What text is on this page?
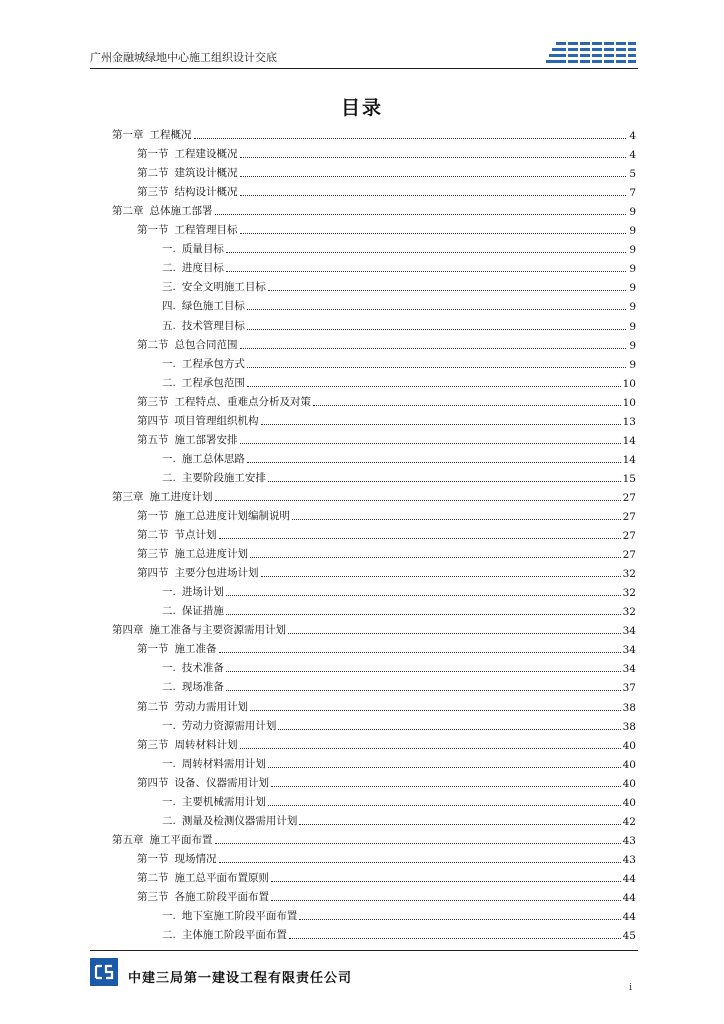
广州金融城绿地中心施工组织设计交底
目录
第一章 工程概况	4
第一节 工程建设概况	4
第二节 建筑设计概况	5
第三节 结构设计概况	7
第二章 总体施工部署	9
第一节 工程管理目标	9
一. 质量目标	9
二. 进度目标	9
三. 安全文明施工目标	9
四. 绿色施工目标	9
五. 技术管理目标	9
第二节 总包合同范围	9
一. 工程承包方式	9
二. 工程承包范围	10
第三节 工程特点、重难点分析及对策	10
第四节 项目管理组织机构	13
第五节 施工部署安排	14
一. 施工总体思路	14
二. 主要阶段施工安排	15
第三章 施工进度计划	27
第一节 施工总进度计划编制说明	27
第二节 节点计划	27
第三节 施工总进度计划	27
第四节 主要分包进场计划	32
一. 进场计划	32
二. 保证措施	32
第四章 施工准备与主要资源需用计划	34
第一节 施工准备	34
一. 技术准备	34
二. 现场准备	37
第二节 劳动力需用计划	38
一. 劳动力资源需用计划	38
第三节 周转材料计划	40
一. 周转材料需用计划	40
第四节 设备、仪器需用计划	40
一. 主要机械需用计划	40
二. 测量及检测仪器需用计划	42
第五章 施工平面布置	43
第一节 现场情况	43
第二节 施工总平面布置原则	44
第三节 各施工阶段平面布置	44
一. 地下室施工阶段平面布置	44
二. 主体施工阶段平面布置	45
中建三局第一建设工程有限责任公司
i
